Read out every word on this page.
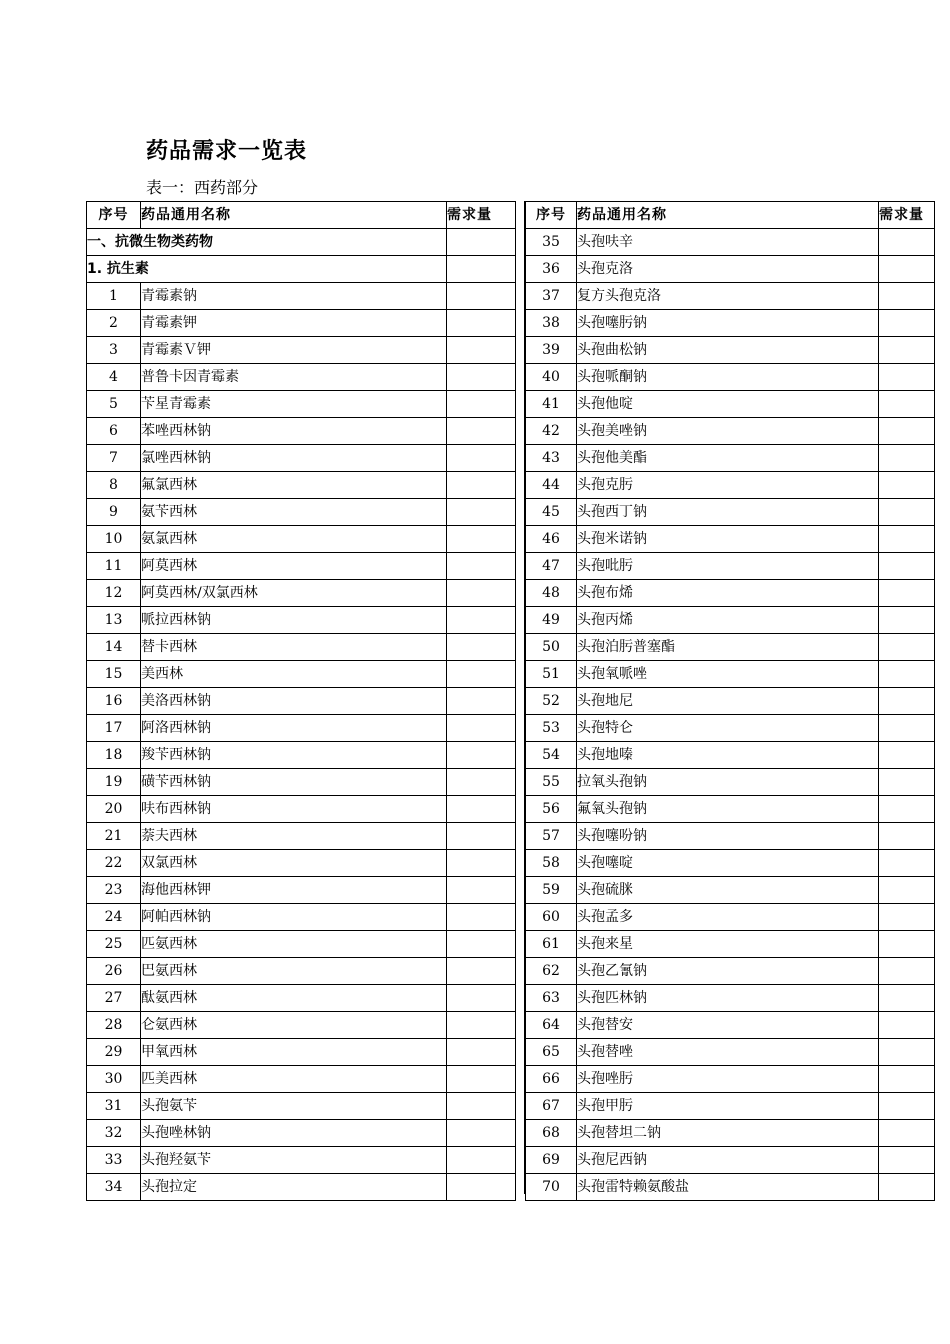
药品需求一览表
表一：西药部分
序号	药品通用名称	需求量
一、抗微生物类药物		
1. 抗生素		
1	青霉素钠	
2	青霉素钾	
3	青霉素Ｖ钾	
4	普鲁卡因青霉素	
5	苄星青霉素	
6	苯唑西林钠	
7	氯唑西林钠	
8	氟氯西林	
9	氨苄西林	
10	氨氯西林	
11	阿莫西林	
12	阿莫西林/双氯西林	
13	哌拉西林钠	
14	替卡西林	
15	美西林	
16	美洛西林钠	
17	阿洛西林钠	
18	羧苄西林钠	
19	磺苄西林钠	
20	呋布西林钠	
21	萘夫西林	
22	双氯西林	
23	海他西林钾	
24	阿帕西林钠	
25	匹氨西林	
26	巴氨西林	
27	酞氨西林	
28	仑氨西林	
29	甲氧西林	
30	匹美西林	
31	头孢氨苄	
32	头孢唑林钠	
33	头孢羟氨苄	
34	头孢拉定	
序号	药品通用名称	需求量
35	头孢呋辛	
36	头孢克洛	
37	复方头孢克洛	
38	头孢噻肟钠	
39	头孢曲松钠	
40	头孢哌酮钠	
41	头孢他啶	
42	头孢美唑钠	
43	头孢他美酯	
44	头孢克肟	
45	头孢西丁钠	
46	头孢米诺钠	
47	头孢吡肟	
48	头孢布烯	
49	头孢丙烯	
50	头孢泊肟普塞酯	
51	头孢氧哌唑	
52	头孢地尼	
53	头孢特仑	
54	头孢地嗪	
55	拉氧头孢钠	
56	氟氧头孢钠	
57	头孢噻吩钠	
58	头孢噻啶	
59	头孢硫脒	
60	头孢孟多	
61	头孢来星	
62	头孢乙氰钠	
63	头孢匹林钠	
64	头孢替安	
65	头孢替唑	
66	头孢唑肟	
67	头孢甲肟	
68	头孢替坦二钠	
69	头孢尼西钠	
70	头孢雷特赖氨酸盐	
